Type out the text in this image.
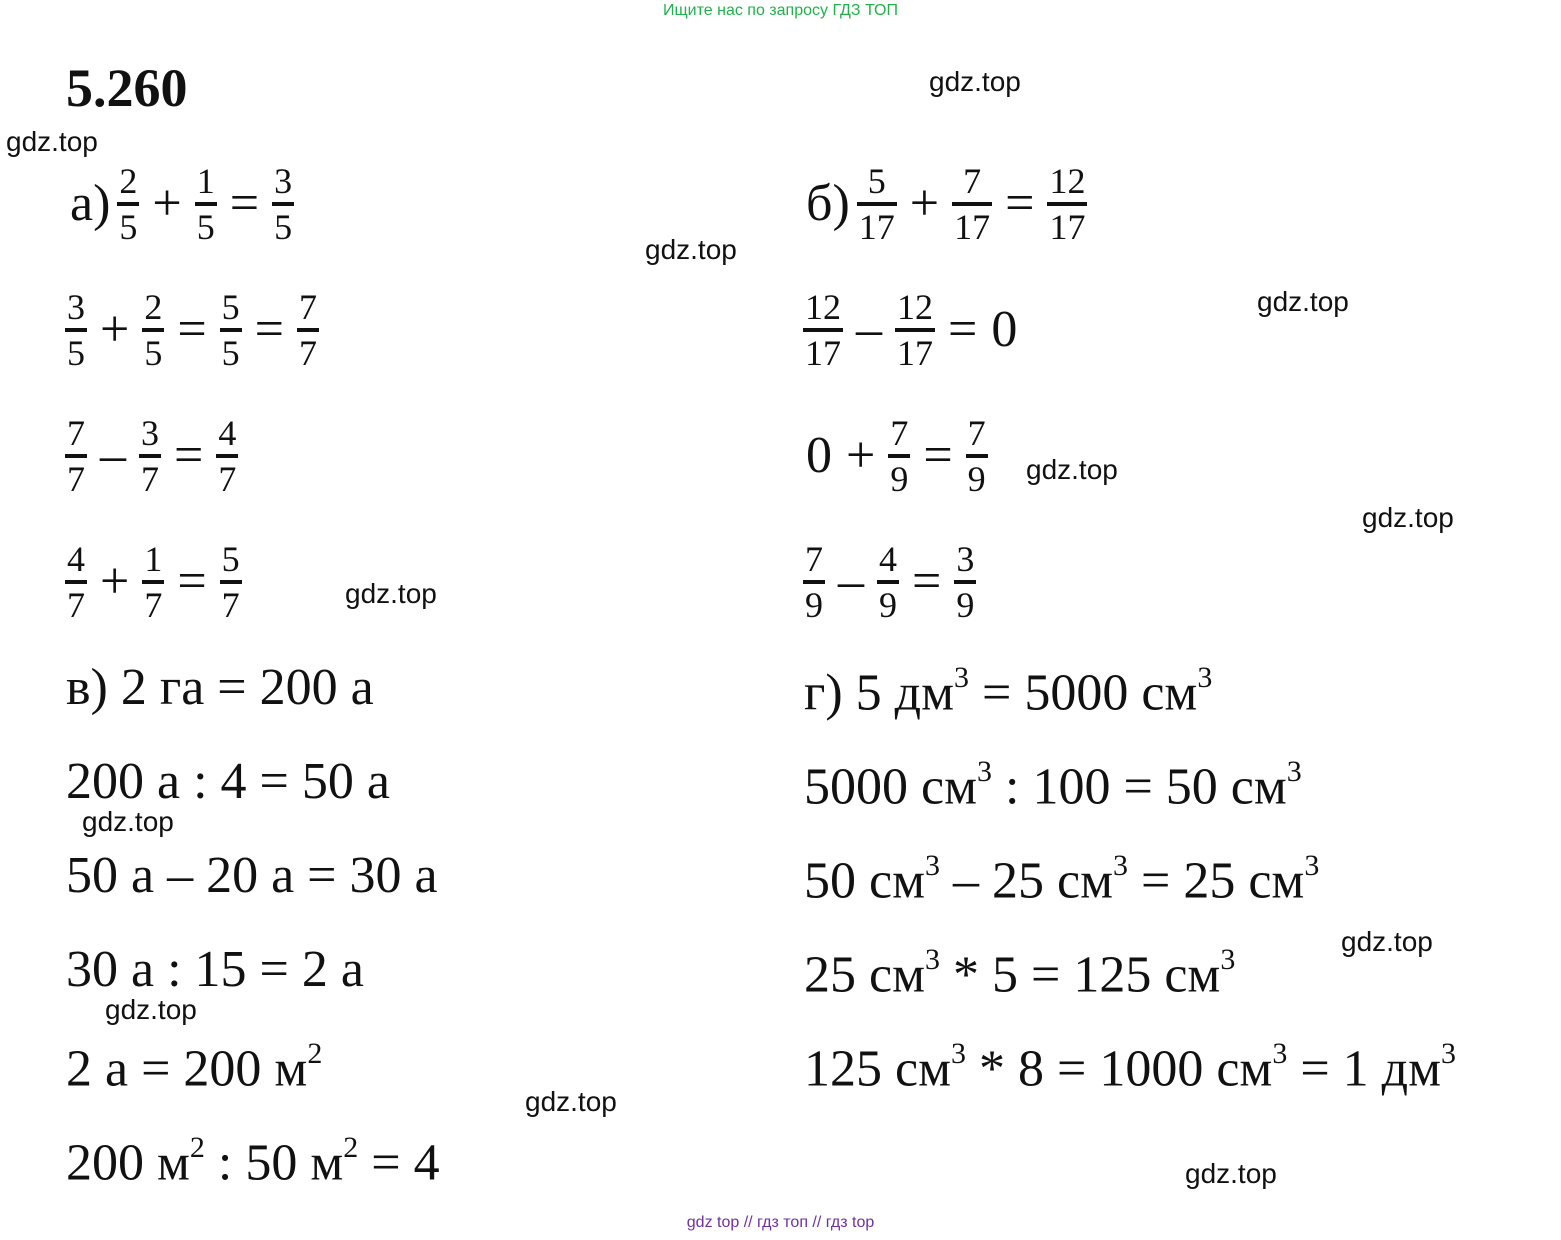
Ищите нас по запросу ГДЗ ТОП
5.260	gdz.top
gdz.top
gdz.top
gdz.top
gdz.top
gdz.top
gdz.top
gdz.top
gdz.top
gdz.top
gdz.top
gdz.top
$а) \frac{2}{5} + \frac{1}{5} = \frac{3}{5}$
$\frac{3}{5} + \frac{2}{5} = \frac{5}{5} = \frac{7}{7}$
$\frac{7}{7} - \frac{3}{7} = \frac{4}{7}$
$\frac{4}{7} + \frac{1}{7} = \frac{5}{7}$
$б) \frac{5}{17} + \frac{7}{17} = \frac{12}{17}$
$\frac{12}{17} - \frac{12}{17} = 0$
$0 + \frac{7}{9} = \frac{7}{9}$
$\frac{7}{9} - \frac{4}{9} = \frac{3}{9}$
в) 2 га = 200 а
200 а : 4 = 50 а
50 а – 20 а = 30 а
30 а : 15 = 2 а
2 а = 200 $м^2$
200 $м^2$ : 50 $м^2 = 4$
г) 5 $дм^3 = 5000$ $см^3$
5000 $см^3$ : 100 = 50 $см^3$
50 $см^3 - 25$ $см^3 = 25$ $см^3$
25 $см^3 * 5 = 125$ $см^3$
125 $см^3 * 8 = 1000$ $см^3 = 1$ $дм^3$
gdz top // гдз топ // гдз top
